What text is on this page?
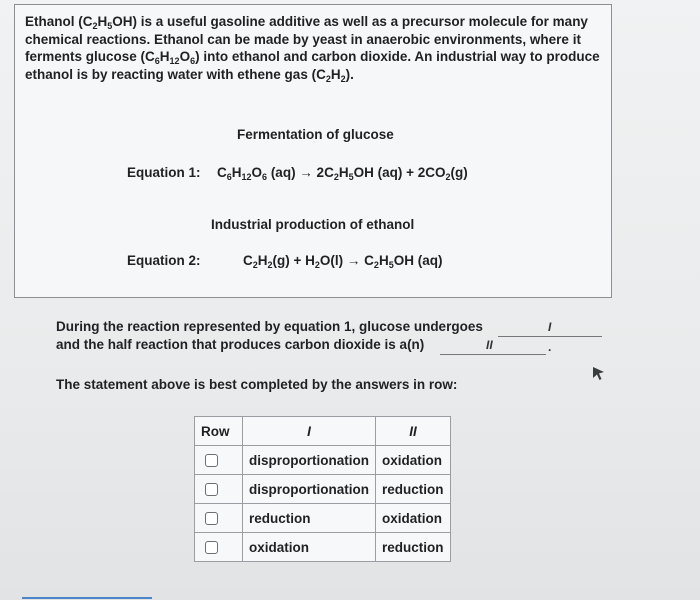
Ethanol $(C_2H_5OH)$ is a useful gasoline additive as well as a precursor molecule for many chemical reactions. Ethanol can be made by yeast in anaerobic environments, where it ferments glucose $(C_6H_{12}O_6)$ into ethanol and carbon dioxide. An industrial way to produce ethanol is by reacting water with ethene gas $(C_2H_2)$.

Fermentation of glucose
Equation 1: $C_6H_{12}O_6$ $(aq) \to 2C_2H_5OH$ $(aq) + 2CO_2(g)$
Industrial production of ethanol
Equation 2:	$C_2H_2(g) + H_2O(l) \to C_2H_5OH$ (aq)
During the reaction represented by equation 1, glucose undergoes
and the half reaction that produces carbon dioxide is a(n)
I
II	.
The statement above is best completed by the answers in row:
Row	I	II
	disproportionation	oxidation
	disproportionation	reduction
	reduction	oxidation
	oxidation	reduction
